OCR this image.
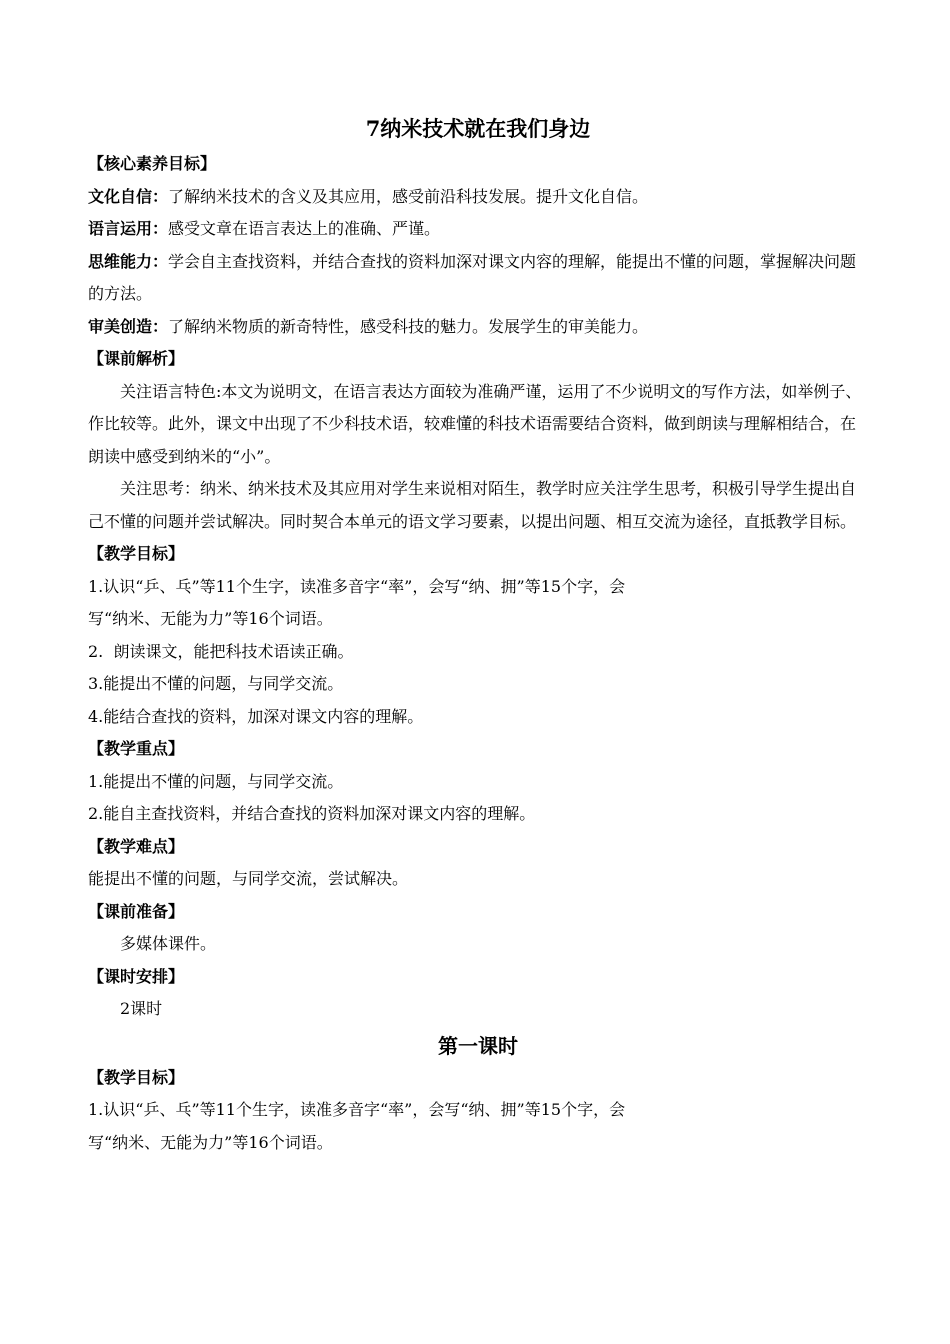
7纳米技术就在我们身边
【核心素养目标】
文化自信：了解纳米技术的含义及其应用，感受前沿科技发展。提升文化自信。
语言运用：感受文章在语言表达上的准确、严谨。
思维能力：学会自主查找资料，并结合查找的资料加深对课文内容的理解，能提出不懂的问题，掌握解决问题的方法。
审美创造：了解纳米物质的新奇特性，感受科技的魅力。发展学生的审美能力。
【课前解析】
关注语言特色:本文为说明文，在语言表达方面较为准确严谨，运用了不少说明文的写作方法，如举例子、作比较等。此外，课文中出现了不少科技术语，较难懂的科技术语需要结合资料，做到朗读与理解相结合，在朗读中感受到纳米的“小”。
关注思考：纳米、纳米技术及其应用对学生来说相对陌生，教学时应关注学生思考，积极引导学生提出自己不懂的问题并尝试解决。同时契合本单元的语文学习要素，以提出问题、相互交流为途径，直抵教学目标。
【教学目标】
1.认识“乒、乓”等11个生字，读准多音字“率”，会写“纳、拥”等15个字，会
写“纳米、无能为力”等16个词语。
2.  朗读课文，能把科技术语读正确。
3.能提出不懂的问题，与同学交流。
4.能结合查找的资料，加深对课文内容的理解。
【教学重点】
1.能提出不懂的问题，与同学交流。
2.能自主查找资料，并结合查找的资料加深对课文内容的理解。
【教学难点】
能提出不懂的问题，与同学交流，尝试解决。
【课前准备】
多媒体课件。
【课时安排】
2课时
第一课时
【教学目标】
1.认识“乒、乓”等11个生字，读准多音字“率”，会写“纳、拥”等15个字，会
写“纳米、无能为力”等16个词语。
